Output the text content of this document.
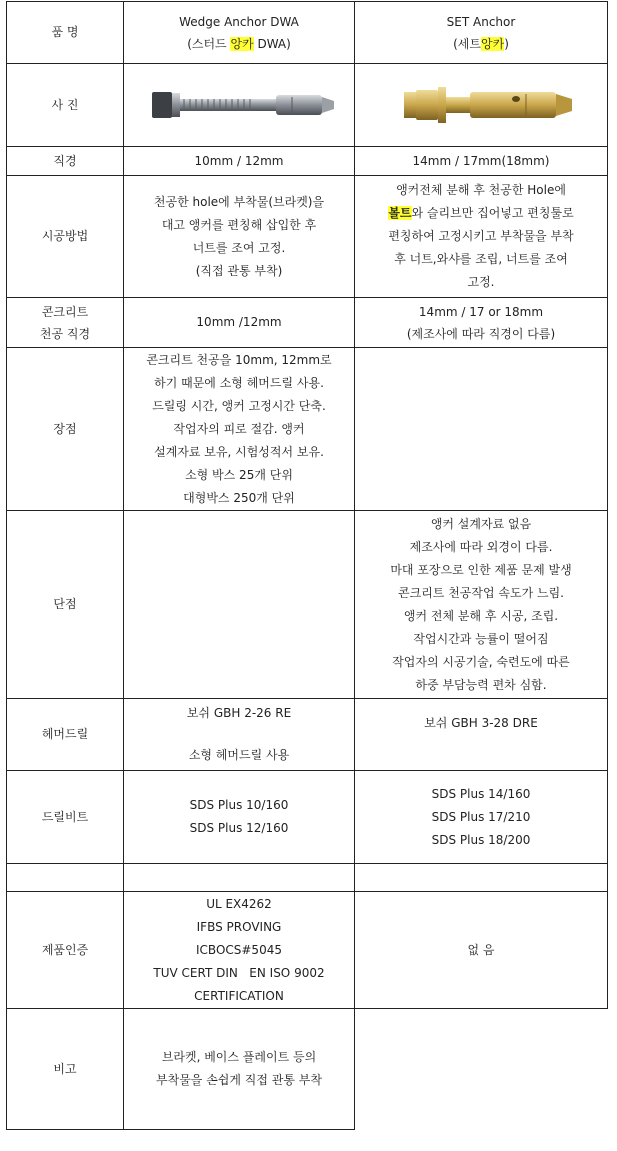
품 명
Wedge Anchor DWA
(스터드 앙카 DWA)
SET Anchor
(세트앙카)
사 진
직경	10mm / 12mm	14mm / 17mm(18mm)
시공방법
천공한 hole에 부착물(브라켓)을
대고 앵커를 편칭해 삽입한 후
너트를 조여 고정.
(직접 관통 부착)
앵커전체 분해 후 천공한 Hole에
볼트와 슬리브만 집어넣고 편칭툴로
편칭하여 고정시키고 부착물을 부착
후 너트,와샤를 조립, 너트를 조여
고정.
콘크리트
천공 직경
10mm /12mm
14mm / 17 or 18mm
(제조사에 따라 직경이 다름)
장점
콘크리트 천공을 10mm, 12mm로
하기 때문에 소형 헤머드릴 사용.
드릴링 시간, 앵커 고정시간 단축.
작업자의 피로 절감. 앵커
설계자료 보유, 시험성적서 보유.
소형 박스 25개 단위
대형박스 250개 단위
단점
앵커 설계자료 없음
제조사에 따라 외경이 다름.
마대 포장으로 인한 제품 문제 발생
콘크리트 천공작업 속도가 느림.
앵커 전체 분해 후 시공, 조립.
작업시간과 능률이 떨어짐
작업자의 시공기술, 숙련도에 따른
하중 부담능력 편차 심함.
헤머드릴
보쉬 GBH 2-26 RE
소형 헤머드릴 사용
보쉬 GBH 3-28 DRE
드릴비트
SDS Plus 10/160
SDS Plus 12/160
SDS Plus 14/160
SDS Plus 17/210
SDS Plus 18/200
제품인증
UL EX4262
IFBS PROVING
ICBOCS#5045
TUV CERT DIN   EN ISO 9002
CERTIFICATION
없 음
비고
브라켓, 베이스 플레이트 등의
부착물을 손쉽게 직접 관통 부착
